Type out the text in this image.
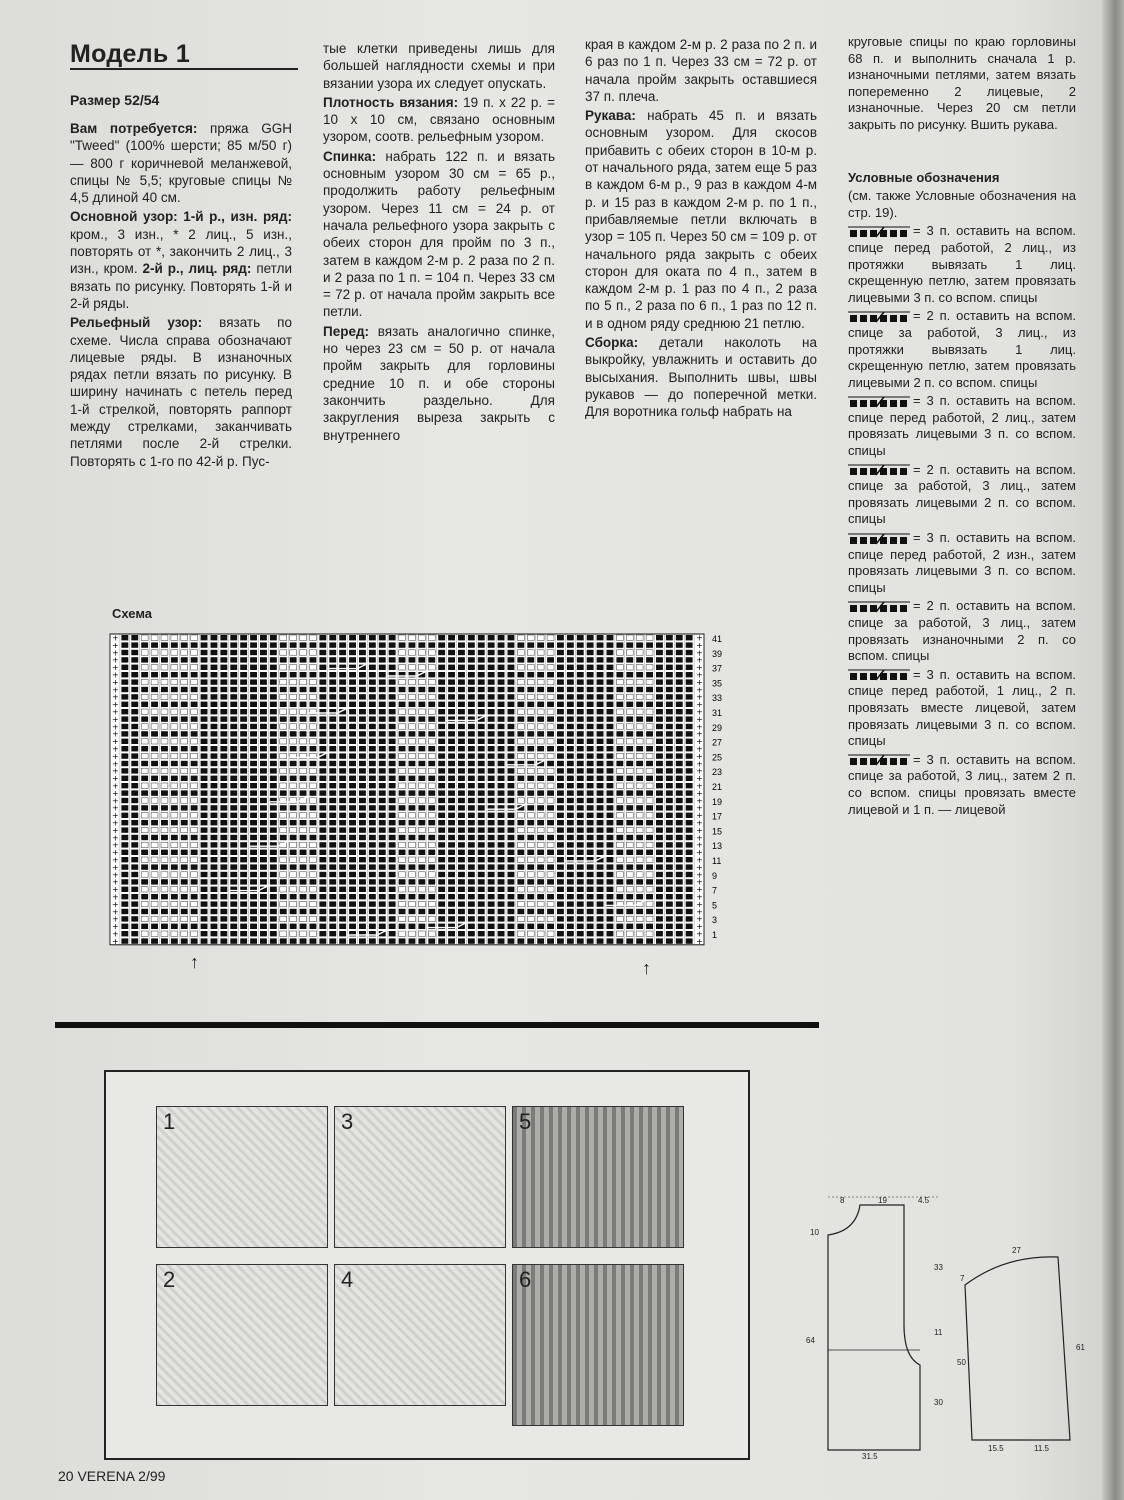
Модель 1
Размер 52/54

Вам потребуется: пряжа GGH "Tweed" (100% шерсти; 85 м/50 г) — 800 г коричневой меланжевой, спицы № 5,5; круговые спицы № 4,5 длиной 40 см.

Основной узор: 1-й р., изн. ряд: кром., 3 изн., * 2 лиц., 5 изн., повторять от *, закончить 2 лиц., 3 изн., кром. 2-й р., лиц. ряд: петли вязать по рисунку. Повторять 1-й и 2-й ряды.

Рельефный узор: вязать по схеме. Числа справа обозначают лицевые ряды. В изнаночных рядах петли вязать по рисунку. В ширину начинать с петель перед 1-й стрелкой, повторять раппорт между стрелками, заканчивать петлями после 2-й стрелки. Повторять с 1-го по 42-й р. Пус-

тые клетки приведены лишь для большей наглядности схемы и при вязании узора их следует опускать.

Плотность вязания: 19 п. х 22 р. = 10 х 10 см, связано основным узором, соотв. рельефным узором.

Спинка: набрать 122 п. и вязать основным узором 30 см = 65 р., продолжить работу рельефным узором. Через 11 см = 24 р. от начала рельефного узора закрыть с обеих сторон для пройм по 3 п., затем в каждом 2-м р. 2 раза по 2 п. и 2 раза по 1 п. = 104 п. Через 33 см = 72 р. от начала пройм закрыть все петли.

Перед: вязать аналогично спинке, но через 23 см = 50 р. от начала пройм закрыть для горловины средние 10 п. и обе стороны закончить раздельно. Для закругления выреза закрыть с внутреннего

края в каждом 2-м р. 2 раза по 2 п. и 6 раз по 1 п. Через 33 см = 72 р. от начала пройм закрыть оставшиеся 37 п. плеча.

Рукава: набрать 45 п. и вязать основным узором. Для скосов прибавить с обеих сторон в 10-м р. от начального ряда, затем еще 5 раз в каждом 6-м р., 9 раз в каждом 4-м р. и 15 раз в каждом 2-м р. по 1 п., прибавляемые петли включать в узор = 105 п. Через 50 см = 109 р. от начального ряда закрыть с обеих сторон для оката по 4 п., затем в каждом 2-м р. 1 раз по 4 п., 2 раза по 5 п., 2 раза по 6 п., 1 раз по 12 п. и в одном ряду среднюю 21 петлю.

Сборка: детали наколоть на выкройку, увлажнить и оставить до высыхания. Выполнить швы, швы рукавов — до поперечной метки. Для воротника гольф набрать на

круговые спицы по краю горловины 68 п. и выполнить сначала 1 р. изнаночными петлями, затем вязать попеременно 2 лицевые, 2 изнаночные. Через 20 см петли закрыть по рисунку. Вшить рукава.

Условные обозначения

(см. также Условные обозначения на стр. 19).

= 3 п. оставить на вспом. спице перед работой, 2 лиц., из протяжки вывязать 1 лиц. скрещенную петлю, затем провязать лицевыми 3 п. со вспом. спицы

= 2 п. оставить на вспом. спице за работой, 3 лиц., из протяжки вывязать 1 лиц. скрещенную петлю, затем провязать лицевыми 2 п. со вспом. спицы

= 3 п. оставить на вспом. спице перед работой, 2 лиц., затем провязать лицевыми 3 п. со вспом. спицы

= 2 п. оставить на вспом. спице за работой, 3 лиц., затем провязать лицевыми 2 п. со вспом. спицы

= 3 п. оставить на вспом. спице перед работой, 2 изн., затем провязать лицевыми 3 п. со вспом. спицы

= 2 п. оставить на вспом. спице за работой, 3 лиц., затем провязать изнаночными 2 п. со вспом. спицы

= 3 п. оставить на вспом. спице перед работой, 1 лиц., 2 п. провязать вместе лицевой, затем провязать лицевыми 3 п. со вспом. спицы

= 3 п. оставить на вспом. спице за работой, 3 лиц., затем 2 п. со вспом. спицы провязать вместе лицевой и 1 п. — лицевой

Схема
+	+
+	+
+	+
+	+
+	+
+	+
+	+
+	+
+	+
+	+
+	+
+	+
+	+
+	+
+	+
+	+
+	+
+	+
+	+
+	+
+	+
+	+
+	+
+	+
+	+
+	+
+	+
+	+
+	+
+	+
+	+
+	+
+	+
+	+
+	+
+	+
+	+
+	+
+	+
+	+
+	+
+	+
41
39
37
35
33
31
29
27
25
23
21
19
17
15
13
11
9
7
5
3
1
↑	↑
1	3	5
2	4	6
8	19	4.5
10
64
33
11
30
31.5
27
61
50
7
15.5	11.5
20 VERENA 2/99
